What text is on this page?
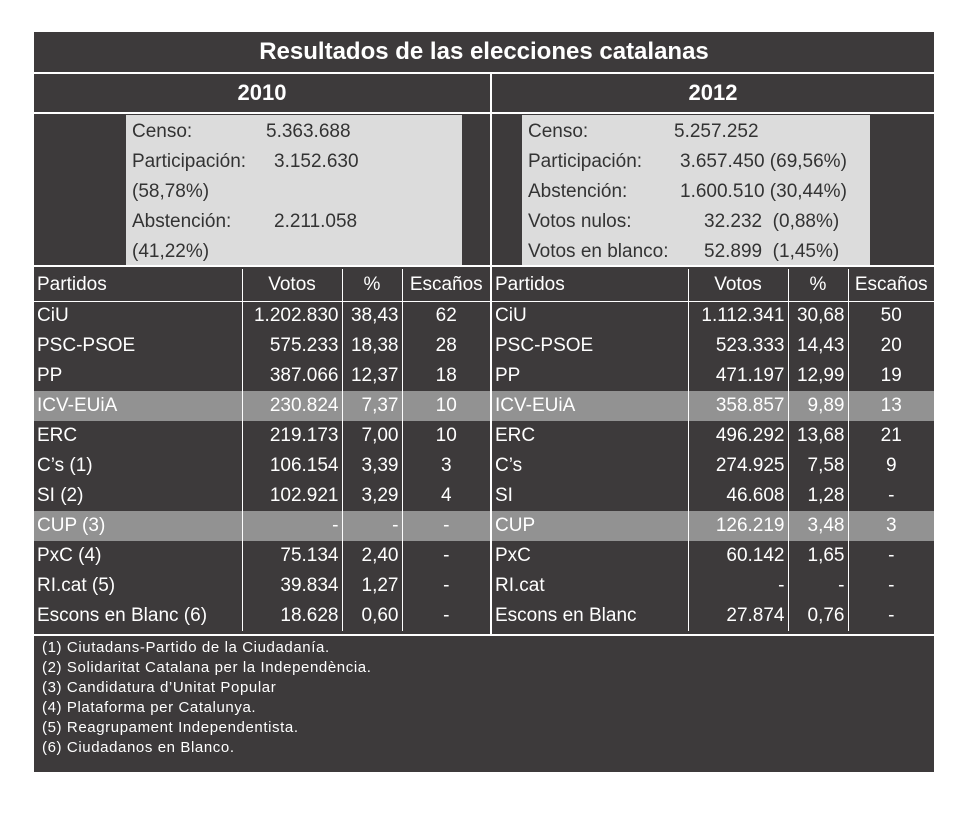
Resultados de las elecciones catalanas
2010	2012
Censo:	5.363.688
Participación: 3.152.630
(58,78%)
Abstención: 2.211.058
(41,22%)
Censo:	5.257.252
Participación: 3.657.450 (69,56%)
Abstención:	1.600.510 (30,44%)
Votos nulos:	32.232  (0,88%)
Votos en blanco: 52.899  (1,45%)
Partidos	Votos	%	Escaños
CiU	1.202.830	38,43	62
PSC-PSOE	575.233	18,38	28
PP	387.066	12,37	18
ICV-EUiA	230.824	7,37	10
ERC	219.173	7,00	10
C’s (1)	106.154	3,39	3
SI (2)	102.921	3,29	4
CUP (3)	-	-	-
PxC (4)	75.134	2,40	-
RI.cat (5)	39.834	1,27	-
Escons en Blanc (6)	18.628	0,60	-
Partidos	Votos	%	Escaños
CiU	1.112.341	30,68	50
PSC-PSOE	523.333	14,43	20
PP	471.197	12,99	19
ICV-EUiA	358.857	9,89	13
ERC	496.292	13,68	21
C’s	274.925	7,58	9
SI	46.608	1,28	-
CUP	126.219	3,48	3
PxC	60.142	1,65	-
RI.cat	-	-	-
Escons en Blanc	27.874	0,76	-
(1) Ciutadans-Partido de la Ciudadanía.
(2) Solidaritat Catalana per la Independència.
(3) Candidatura d’Unitat Popular
(4) Plataforma per Catalunya.
(5) Reagrupament Independentista.
(6) Ciudadanos en Blanco.
